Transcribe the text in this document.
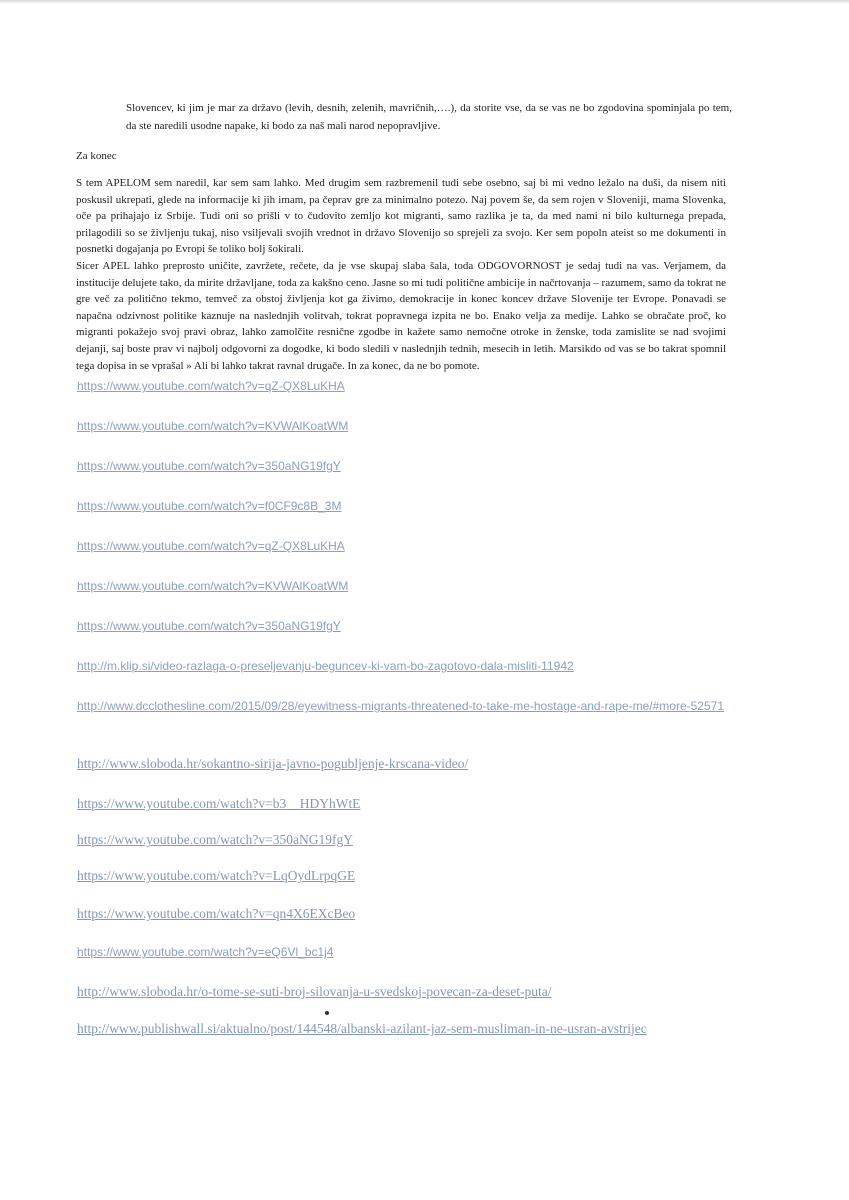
Slovencev, ki jim je mar za državo (levih, desnih, zelenih, mavričnih,….), da storite vse, da se vas ne bo zgodovina spominjala po tem, da ste naredili usodne napake, ki bodo za naš mali narod nepopravljive.
Za konec

S tem APELOM sem naredil, kar sem sam lahko. Med drugim sem razbremenil tudi sebe osebno, saj bi mi vedno ležalo na duši, da nisem niti poskusil ukrepati, glede na informacije ki jih imam, pa čeprav gre za minimalno potezo. Naj povem še, da sem rojen v Sloveniji, mama Slovenka, oče pa prihajajo iz Srbije. Tudi oni so prišli v to čudovito zemljo kot migranti, samo razlika je ta, da med nami ni bilo kulturnega prepada, prilagodili so se življenju tukaj, niso vsiljevali svojih vrednot in državo Slovenijo so sprejeli za svojo. Ker sem popoln ateist so me dokumenti in posnetki dogajanja po Evropi še toliko bolj šokirali.

Sicer APEL lahko preprosto uničite, zavržete, rečete, da je vse skupaj slaba šala, toda ODGOVORNOST je sedaj tudi na vas. Verjamem, da institucije delujete tako, da mirite državljane, toda za kakšno ceno. Jasne so mi tudi politične ambicije in načrtovanja – razumem, samo da tokrat ne gre več za politično tekmo, temveč za obstoj življenja kot ga živimo, demokracije in konec koncev države Slovenije ter Evrope. Ponavadi se napačna odzivnost politike kaznuje na naslednjih volitvah, tokrat popravnega izpita ne bo. Enako velja za medije. Lahko se obračate proč, ko migranti pokažejo svoj pravi obraz, lahko zamolčite resnične zgodbe in kažete samo nemočne otroke in ženske, toda zamislite se nad svojimi dejanji, saj boste prav vi najbolj odgovorni za dogodke, ki bodo sledili v naslednjih tednih, mesecih in letih. Marsikdo od vas se bo takrat spomnil tega dopisa in se vprašal » Ali bi lahko takrat ravnal drugače. In za konec, da ne bo pomote.

https://www.youtube.com/watch?v=qZ-QX8LuKHA
https://www.youtube.com/watch?v=KVWAlKoatWM
https://www.youtube.com/watch?v=350aNG19fgY
https://www.youtube.com/watch?v=f0CF9c8B_3M
https://www.youtube.com/watch?v=qZ-QX8LuKHA
https://www.youtube.com/watch?v=KVWAlKoatWM
https://www.youtube.com/watch?v=350aNG19fgY
http://m.klip.si/video-razlaga-o-preseljevanju-beguncev-ki-vam-bo-zagotovo-dala-misliti-11942
http://www.dcclothesline.com/2015/09/28/eyewitness-migrants-threatened-to-take-me-hostage-and-rape-me/#more-52571
http://www.sloboda.hr/sokantno-sirija-javno-pogubljenje-krscana-video/
https://www.youtube.com/watch?v=b3__HDYhWtE
https://www.youtube.com/watch?v=350aNG19fgY
https://www.youtube.com/watch?v=LqOydLrpqGE
https://www.youtube.com/watch?v=qn4X6EXcBeo
https://www.youtube.com/watch?v=eQ6Vl_bc1j4
http://www.sloboda.hr/o-tome-se-suti-broj-silovanja-u-svedskoj-povecan-za-deset-puta/
http://www.publishwall.si/aktualno/post/144548/albanski-azilant-jaz-sem-musliman-in-ne-usran-avstrijec
